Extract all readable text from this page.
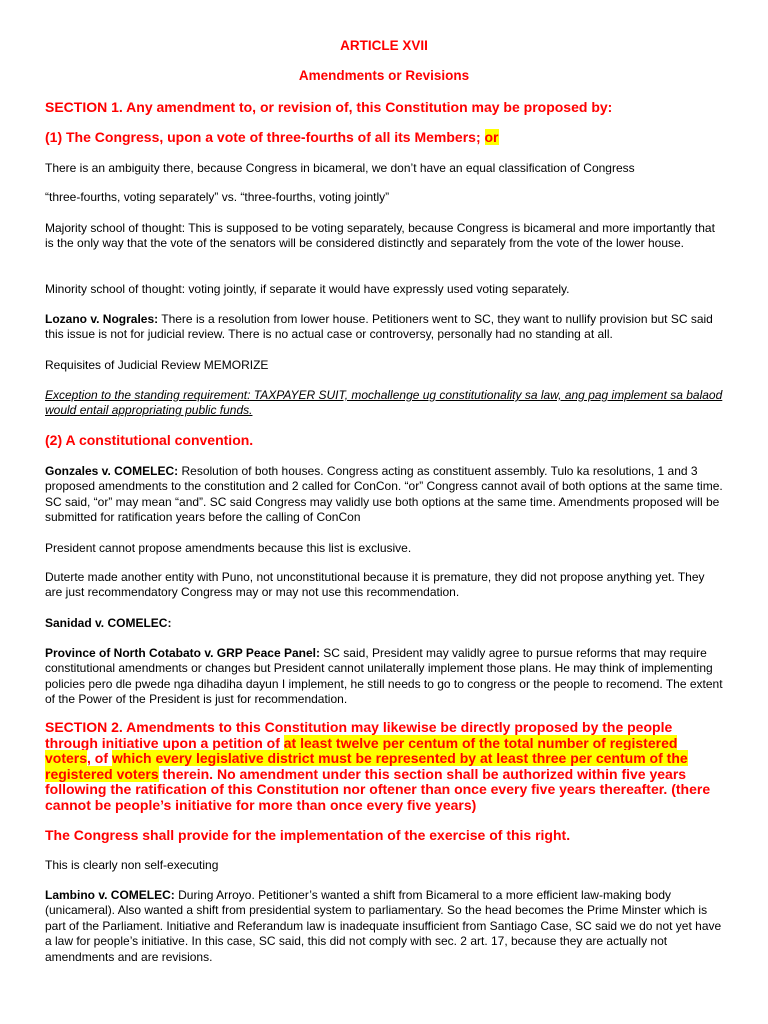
ARTICLE XVII

Amendments or Revisions

SECTION 1. Any amendment to, or revision of, this Constitution may be proposed by:

(1) The Congress, upon a vote of three-fourths of all its Members; or

There is an ambiguity there, because Congress in bicameral, we don’t have an equal classification of Congress

“three-fourths, voting separately” vs. “three-fourths, voting jointly”

Majority school of thought: This is supposed to be voting separately, because Congress is bicameral and more importantly that is the only way that the vote of the senators will be considered distinctly and separately from the vote of the lower house.

Minority school of thought: voting jointly, if separate it would have expressly used voting separately.

Lozano v. Nograles: There is a resolution from lower house. Petitioners went to SC, they want to nullify provision but SC said this issue is not for judicial review. There is no actual case or controversy, personally had no standing at all.

Requisites of Judicial Review MEMORIZE

Exception to the standing requirement: TAXPAYER SUIT, mochallenge ug constitutionality sa law, ang pag implement sa balaod would entail appropriating public funds.

(2) A constitutional convention.

Gonzales v. COMELEC: Resolution of both houses. Congress acting as constituent assembly. Tulo ka resolutions, 1 and 3 proposed amendments to the constitution and 2 called for ConCon. “or” Congress cannot avail of both options at the same time. SC said, “or” may mean “and”. SC said Congress may validly use both options at the same time. Amendments proposed will be submitted for ratification years before the calling of ConCon

President cannot propose amendments because this list is exclusive.

Duterte made another entity with Puno, not unconstitutional because it is premature, they did not propose anything yet. They are just recommendatory Congress may or may not use this recommendation.

Sanidad v. COMELEC:

Province of North Cotabato v. GRP Peace Panel: SC said, President may validly agree to pursue reforms that may require constitutional amendments or changes but President cannot unilaterally implement those plans. He may think of implementing policies pero dle pwede nga dihadiha dayun I implement, he still needs to go to congress or the people to recomend. The extent of the Power of the President is just for recommendation.

SECTION 2. Amendments to this Constitution may likewise be directly proposed by the people through initiative upon a petition of at least twelve per centum of the total number of registered voters, of which every legislative district must be represented by at least three per centum of the registered voters therein. No amendment under this section shall be authorized within five years following the ratification of this Constitution nor oftener than once every five years thereafter. (there cannot be people’s initiative for more than once every five years)

The Congress shall provide for the implementation of the exercise of this right.

This is clearly non self-executing

Lambino v. COMELEC: During Arroyo. Petitioner’s wanted a shift from Bicameral to a more efficient law-making body (unicameral). Also wanted a shift from presidential system to parliamentary. So the head becomes the Prime Minster which is part of the Parliament. Initiative and Referandum law is inadequate insufficient from Santiago Case, SC said we do not yet have a law for people’s initiative. In this case, SC said, this did not comply with sec. 2 art. 17, because they are actually not amendments and are revisions.
